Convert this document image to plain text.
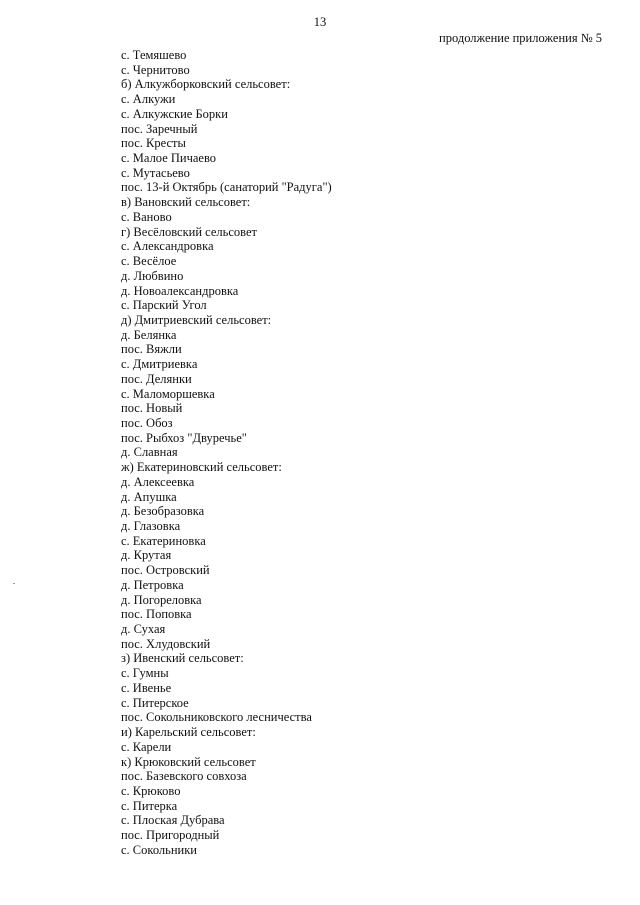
13
продолжение приложения № 5
с. Темяшево
с. Чернитово
б) Алкужборковский сельсовет:
с. Алкужи
с. Алкужские Борки
пос. Заречный
пос. Кресты
с. Малое Пичаево
с. Мутасьево
пос. 13-й Октябрь (санаторий "Радуга")
в) Вановский сельсовет:
с. Ваново
г) Весёловский сельсовет
с. Александровка
с. Весёлое
д. Любвино
д. Новоалександровка
с. Парский Угол
д) Дмитриевский сельсовет:
д. Белянка
пос. Вяжли
с. Дмитриевка
пос. Делянки
с. Маломоршевка
пос. Новый
пос. Обоз
пос. Рыбхоз "Двуречье"
д. Славная
ж) Екатериновский сельсовет:
д. Алексеевка
д. Апушка
д. Безобразовка
д. Глазовка
с. Екатериновка
д. Крутая
пос. Островский
д. Петровка
д. Погореловка
пос. Поповка
д. Сухая
пос. Хлудовский
з) Ивенский сельсовет:
с. Гумны
с. Ивенье
с. Питерское
пос. Сокольниковского лесничества
и) Карельский сельсовет:
с. Карели
к) Крюковский сельсовет
пос. Базевского совхоза
с. Крюково
с. Питерка
с. Плоская Дубрава
пос. Пригородный
с. Сокольники
